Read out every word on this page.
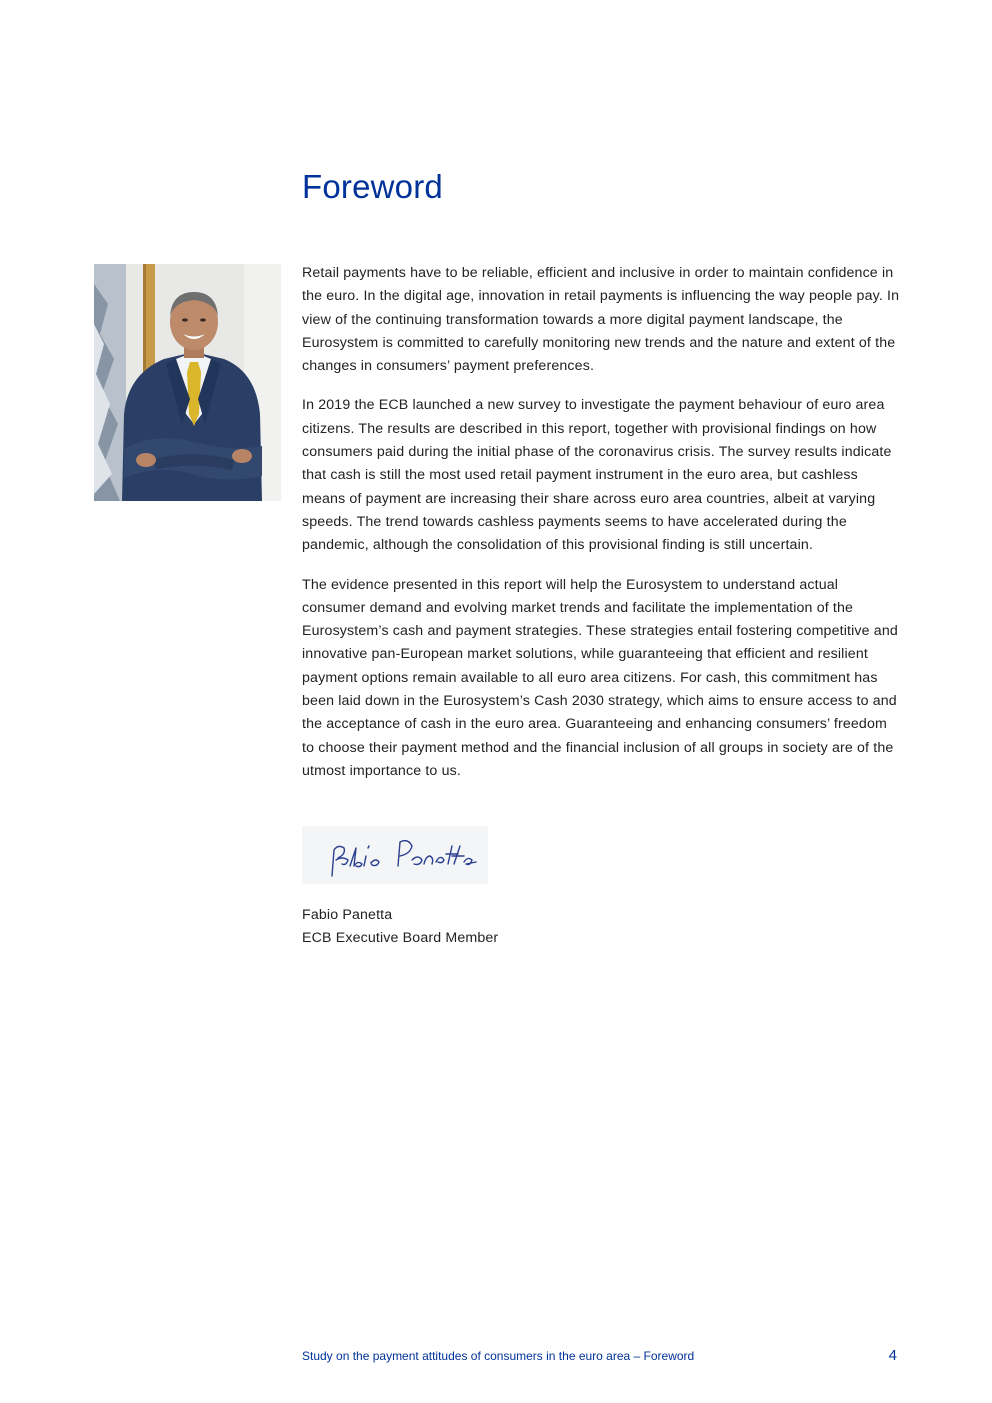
Foreword

Retail payments have to be reliable, efficient and inclusive in order to maintain confidence in the euro. In the digital age, innovation in retail payments is influencing the way people pay. In view of the continuing transformation towards a more digital payment landscape, the Eurosystem is committed to carefully monitoring new trends and the nature and extent of the changes in consumers’ payment preferences.

In 2019 the ECB launched a new survey to investigate the payment behaviour of euro area citizens. The results are described in this report, together with provisional findings on how consumers paid during the initial phase of the coronavirus crisis. The survey results indicate that cash is still the most used retail payment instrument in the euro area, but cashless means of payment are increasing their share across euro area countries, albeit at varying speeds. The trend towards cashless payments seems to have accelerated during the pandemic, although the consolidation of this provisional finding is still uncertain.

The evidence presented in this report will help the Eurosystem to understand actual consumer demand and evolving market trends and facilitate the implementation of the Eurosystem’s cash and payment strategies. These strategies entail fostering competitive and innovative pan-European market solutions, while guaranteeing that efficient and resilient payment options remain available to all euro area citizens. For cash, this commitment has been laid down in the Eurosystem’s Cash 2030 strategy, which aims to ensure access to and the acceptance of cash in the euro area. Guaranteeing and enhancing consumers’ freedom to choose their payment method and the financial inclusion of all groups in society are of the utmost importance to us.

Fabio Panetta
ECB Executive Board Member
Study on the payment attitudes of consumers in the euro area – Foreword	4
